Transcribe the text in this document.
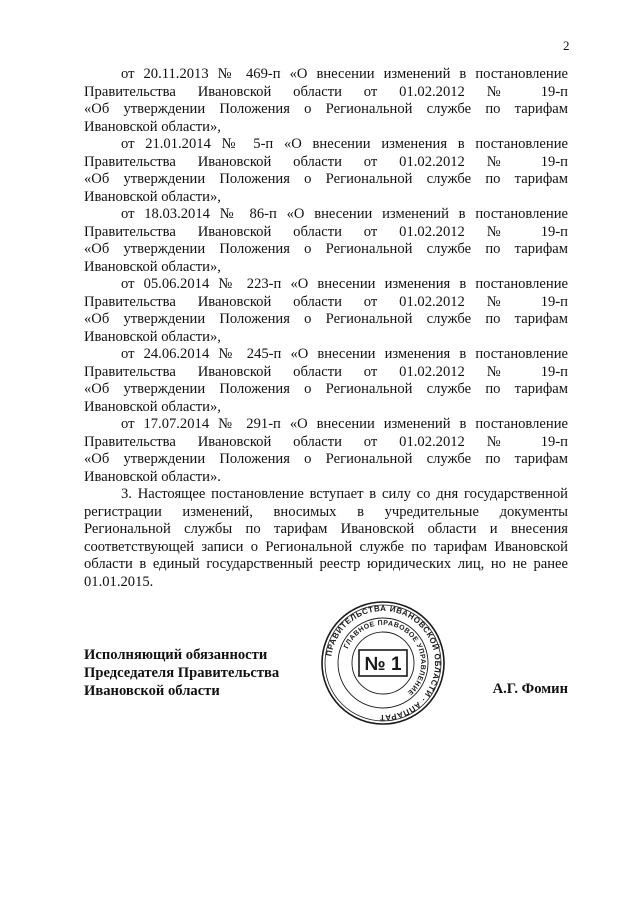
2
от 20.11.2013 № 469-п «О внесении изменений в постановление
Правительства Ивановской области от 01.02.2012 № 19-п
«Об утверждении Положения о Региональной службе по тарифам
Ивановской области»,
от 21.01.2014 № 5-п «О внесении изменения в постановление
Правительства Ивановской области от 01.02.2012 № 19-п
«Об утверждении Положения о Региональной службе по тарифам
Ивановской области»,
от 18.03.2014 № 86-п «О внесении изменений в постановление
Правительства Ивановской области от 01.02.2012 № 19-п
«Об утверждении Положения о Региональной службе по тарифам
Ивановской области»,
от 05.06.2014 № 223-п «О внесении изменения в постановление
Правительства Ивановской области от 01.02.2012 № 19-п
«Об утверждении Положения о Региональной службе по тарифам
Ивановской области»,
от 24.06.2014 № 245-п «О внесении изменения в постановление
Правительства Ивановской области от 01.02.2012 № 19-п
«Об утверждении Положения о Региональной службе по тарифам
Ивановской области»,
от 17.07.2014 № 291-п «О внесении изменений в постановление
Правительства Ивановской области от 01.02.2012 № 19-п
«Об утверждении Положения о Региональной службе по тарифам
Ивановской области».

3. Настоящее постановление вступает в силу со дня государственной регистрации изменений, вносимых в учредительные документы Региональной службы по тарифам Ивановской области и внесения соответствующей записи о Региональной службе по тарифам Ивановской области в единый государственный реестр юридических лиц, но не ранее 01.01.2015.

Исполняющий обязанности
Председателя Правительства
Ивановской области	А.Г. Фомин
ПРАВИТЕЛЬСТВА ИВАНОВСКОЙ ОБЛАСТИ · АППАРАТ
ГЛАВНОЕ ПРАВОВОЕ УПРАВЛЕНИЕ
№ 1
